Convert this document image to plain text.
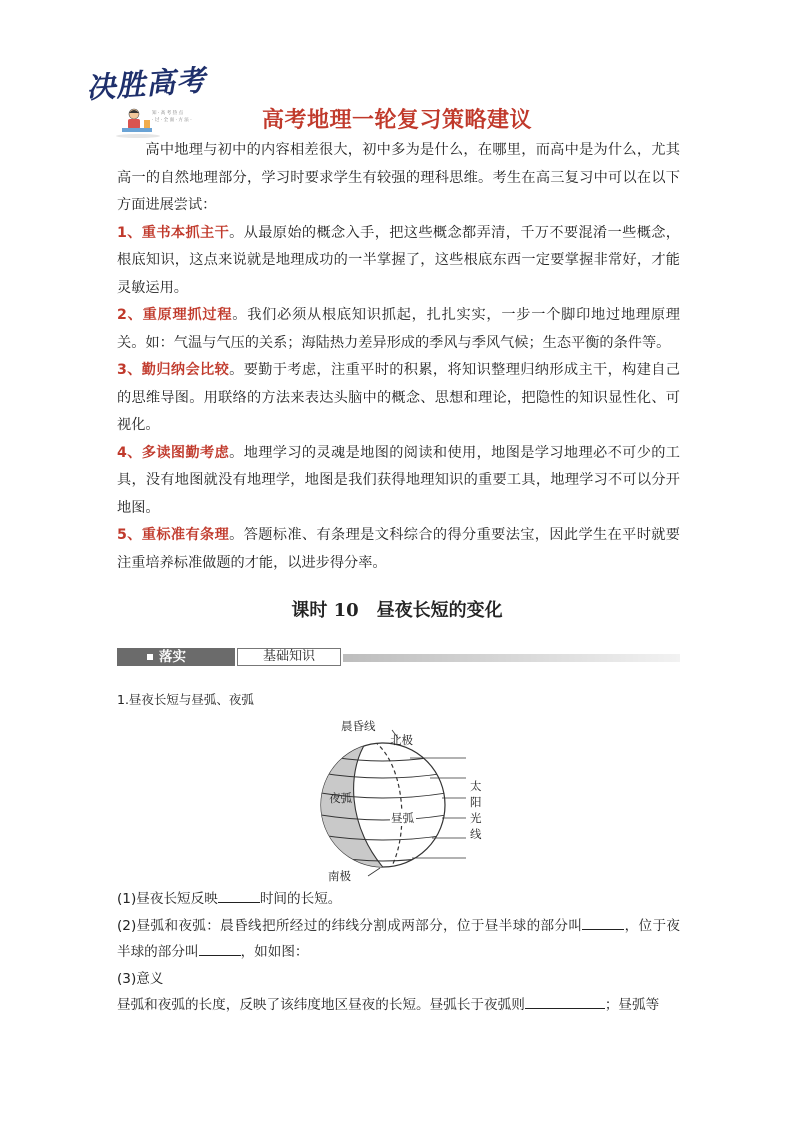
决胜高考
知 · 高 考 热 点
· 过 · 全 面 · 方 法 ·	高考地理一轮复习策略建议

高中地理与初中的内容相差很大，初中多为是什么，在哪里，而高中是为什么，尤其高一的自然地理部分，学习时要求学生有较强的理科思维。考生在高三复习中可以在以下方面进展尝试：

1、重书本抓主干。从最原始的概念入手，把这些概念都弄清，千万不要混淆一些概念，根底知识，这点来说就是地理成功的一半掌握了，这些根底东西一定要掌握非常好，才能灵敏运用。

2、重原理抓过程。我们必须从根底知识抓起，扎扎实实，一步一个脚印地过地理原理关。如：气温与气压的关系；海陆热力差异形成的季风与季风气候；生态平衡的条件等。

3、勤归纳会比较。要勤于考虑，注重平时的积累，将知识整理归纳形成主干，构建自己的思维导图。用联络的方法来表达头脑中的概念、思想和理论，把隐性的知识显性化、可视化。

4、多读图勤考虑。地理学习的灵魂是地图的阅读和使用，地图是学习地理必不可少的工具，没有地图就没有地理学，地图是我们获得地理知识的重要工具，地理学习不可以分开地图。

5、重标准有条理。答题标准、有条理是文科综合的得分重要法宝，因此学生在平时就要注重培养标准做题的才能，以进步得分率。

课时 10 昼夜长短的变化
落实	基础知识
1.昼夜长短与昼弧、夜弧
晨昏线
北极
夜弧
昼弧
南极
太
阳
光
线

(1)昼夜长短反映	时间的长短。

(2)昼弧和夜弧：晨昏线把所经过的纬线分割成两部分，位于昼半球的部分叫	，位于夜半球的部分叫	，如如图：

(3)意义

昼弧和夜弧的长度，反映了该纬度地区昼夜的长短。昼弧长于夜弧则	；昼弧等
